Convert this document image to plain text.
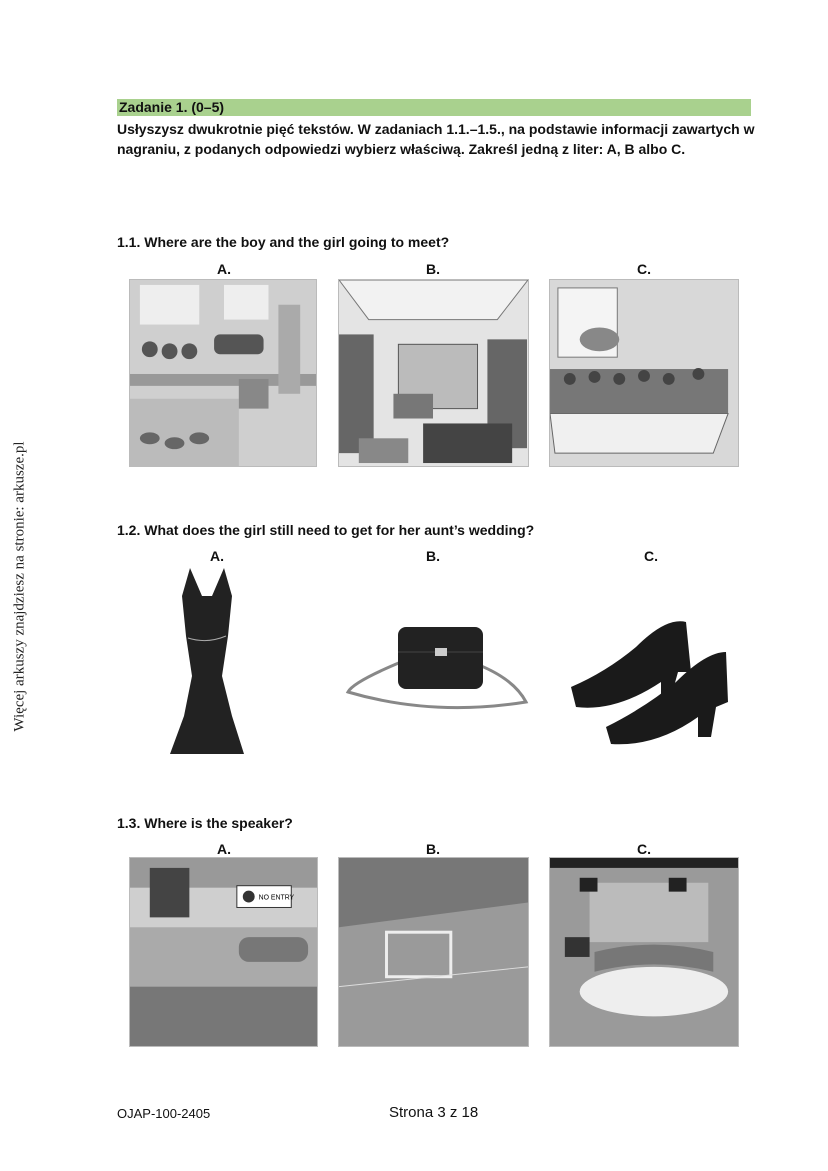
Więcej arkuszy znajdziesz na stronie: arkusze.pl
Zadanie 1. (0–5)
Usłyszysz dwukrotnie pięć tekstów. W zadaniach 1.1.–1.5., na podstawie informacji zawartych w nagraniu, z podanych odpowiedzi wybierz właściwą. Zakreśl jedną z liter: A, B albo C.
1.1. Where are the boy and the girl going to meet?
A.	B.	C.
1.2. What does the girl still need to get for her aunt’s wedding?
A.	B.	C.
1.3. Where is the speaker?
A.	B.	C.
NO ENTRY
OJAP-100-2405	Strona 3 z 18
